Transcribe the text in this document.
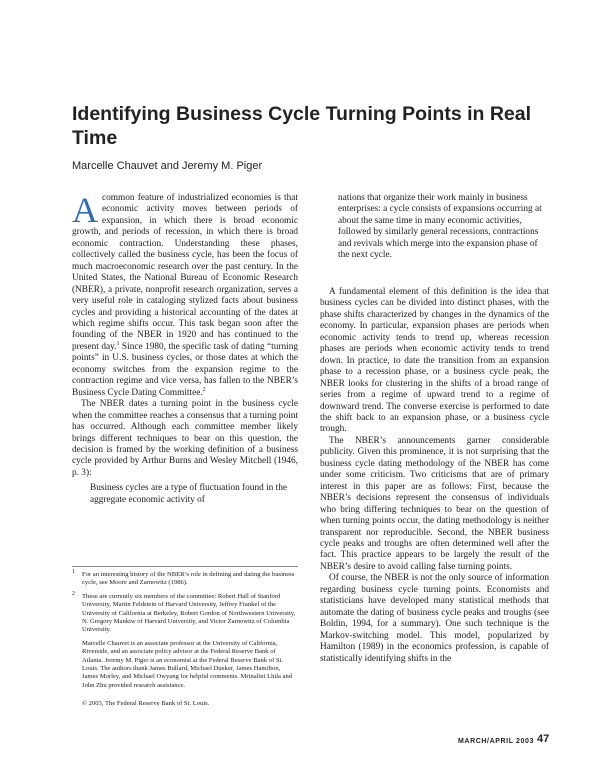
Identifying Business Cycle Turning Points in Real Time
Marcelle Chauvet and Jeremy M. Piger

A common feature of industrialized economies is that economic activity moves between periods of expansion, in which there is broad economic growth, and periods of recession, in which there is broad economic contraction. Understanding these phases, collectively called the business cycle, has been the focus of much macroeconomic research over the past century. In the United States, the National Bureau of Economic Research (NBER), a private, nonprofit research organization, serves a very useful role in cataloging stylized facts about business cycles and providing a historical accounting of the dates at which regime shifts occur. This task began soon after the founding of the NBER in 1920 and has continued to the present day.$^1$ Since 1980, the specific task of dating “turning points” in U.S. business cycles, or those dates at which the economy switches from the expansion regime to the contraction regime and vice versa, has fallen to the NBER’s Business Cycle Dating Committee.$^2$

The NBER dates a turning point in the business cycle when the committee reaches a consensus that a turning point has occurred. Although each committee member likely brings different techniques to bear on this question, the decision is framed by the working definition of a business cycle provided by Arthur Burns and Wesley Mitchell (1946, p. 3):

Business cycles are a type of fluctuation found in the aggregate economic activity of

nations that organize their work mainly in business enterprises: a cycle consists of expansions occurring at about the same time in many economic activities, followed by similarly general recessions, contractions and revivals which merge into the expansion phase of the next cycle.

A fundamental element of this definition is the idea that business cycles can be divided into distinct phases, with the phase shifts characterized by changes in the dynamics of the economy. In particular, expansion phases are periods when economic activity tends to trend up, whereas recession phases are periods when economic activity tends to trend down. In practice, to date the transition from an expansion phase to a recession phase, or a business cycle peak, the NBER looks for clustering in the shifts of a broad range of series from a regime of upward trend to a regime of downward trend. The converse exercise is performed to date the shift back to an expansion phase, or a business cycle trough.

The NBER’s announcements garner considerable publicity. Given this prominence, it is not surprising that the business cycle dating methodology of the NBER has come under some criticism. Two criticisms that are of primary interest in this paper are as follows: First, because the NBER’s decisions represent the consensus of individuals who bring differing techniques to bear on the question of when turning points occur, the dating methodology is neither transparent nor reproducible. Second, the NBER business cycle peaks and troughs are often determined well after the fact. This practice appears to be largely the result of the NBER’s desire to avoid calling false turning points.

Of course, the NBER is not the only source of information regarding business cycle turning points. Economists and statisticians have developed many statistical methods that automate the dating of business cycle peaks and troughs (see Boldin, 1994, for a summary). One such technique is the Markov-switching model. This model, popularized by Hamilton (1989) in the economics profession, is capable of statistically identifying shifts in the

$^1$	For an interesting history of the NBER’s role in defining and dating the business cycle, see Moore and Zarnowitz (1986).
$^2$	These are currently six members of the committee: Robert Hall of Stanford University, Martin Feldstein of Harvard University, Jeffrey Frankel of the University of California at Berkeley, Robert Gordon of Northwestern University, N. Gregory Mankiw of Harvard University, and Victor Zarnowitz of Columbia University.
Marcelle Chauvet is an associate professor at the University of California, Riverside, and an associate policy advisor at the Federal Reserve Bank of Atlanta. Jeremy M. Piger is an economist at the Federal Reserve Bank of St. Louis. The authors thank James Bullard, Michael Dueker, James Hamilton, James Morley, and Michael Owyang for helpful comments. Mrinalini Lhila and John Zhu provided research assistance.
© 2003, The Federal Reserve Bank of St. Louis.
MARCH/APRIL 2003 47
